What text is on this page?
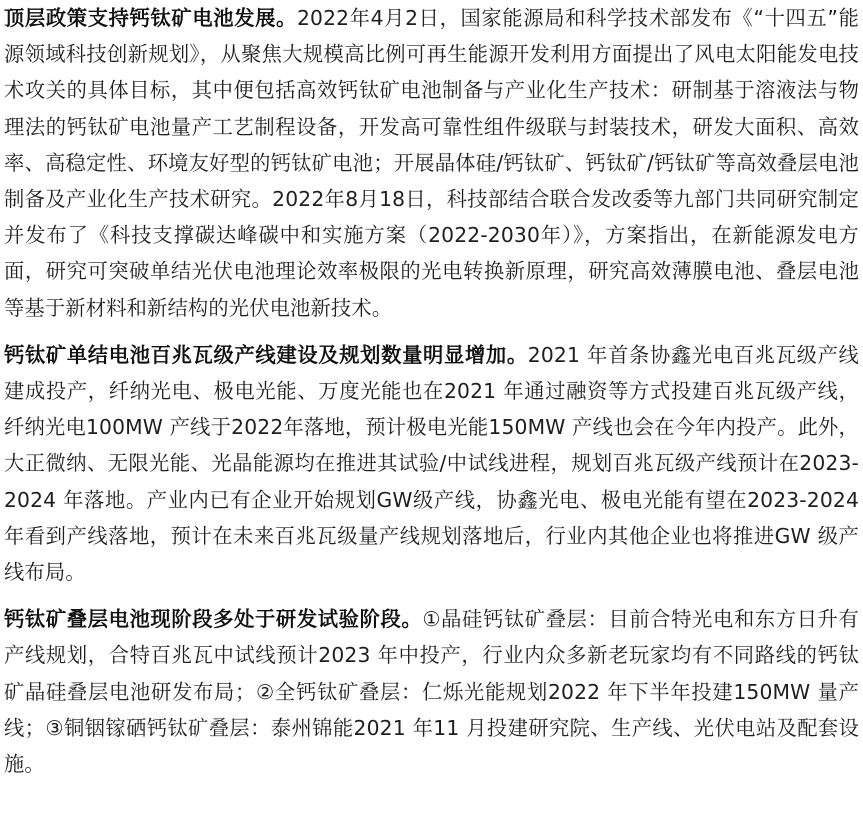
顶层政策支持钙钛矿电池发展。2022年4月2日，国家能源局和科学技术部发布《“十四五”能源领域科技创新规划》，从聚焦大规模高比例可再生能源开发利用方面提出了风电太阳能发电技术攻关的具体目标，其中便包括高效钙钛矿电池制备与产业化生产技术：研制基于溶液法与物理法的钙钛矿电池量产工艺制程设备，开发高可靠性组件级联与封装技术，研发大面积、高效率、高稳定性、环境友好型的钙钛矿电池；开展晶体硅/钙钛矿、钙钛矿/钙钛矿等高效叠层电池制备及产业化生产技术研究。2022年8月18日，科技部结合联合发改委等九部门共同研究制定并发布了《科技支撑碳达峰碳中和实施方案（2022-2030年）》，方案指出，在新能源发电方面，研究可突破单结光伏电池理论效率极限的光电转换新原理，研究高效薄膜电池、叠层电池等基于新材料和新结构的光伏电池新技术。

钙钛矿单结电池百兆瓦级产线建设及规划数量明显增加。2021 年首条协鑫光电百兆瓦级产线建成投产，纤纳光电、极电光能、万度光能也在2021 年通过融资等方式投建百兆瓦级产线，纤纳光电100MW 产线于2022年落地，预计极电光能150MW 产线也会在今年内投产。此外，大正微纳、无限光能、光晶能源均在推进其试验/中试线进程，规划百兆瓦级产线预计在2023-2024 年落地。产业内已有企业开始规划GW级产线，协鑫光电、极电光能有望在2023-2024年看到产线落地，预计在未来百兆瓦级量产线规划落地后，行业内其他企业也将推进GW 级产线布局。

钙钛矿叠层电池现阶段多处于研发试验阶段。①晶硅钙钛矿叠层：目前合特光电和东方日升有产线规划，合特百兆瓦中试线预计2023 年中投产，行业内众多新老玩家均有不同路线的钙钛矿晶硅叠层电池研发布局；②全钙钛矿叠层：仁烁光能规划2022 年下半年投建150MW 量产线；③铜铟镓硒钙钛矿叠层：泰州锦能2021 年11 月投建研究院、生产线、光伏电站及配套设施。
